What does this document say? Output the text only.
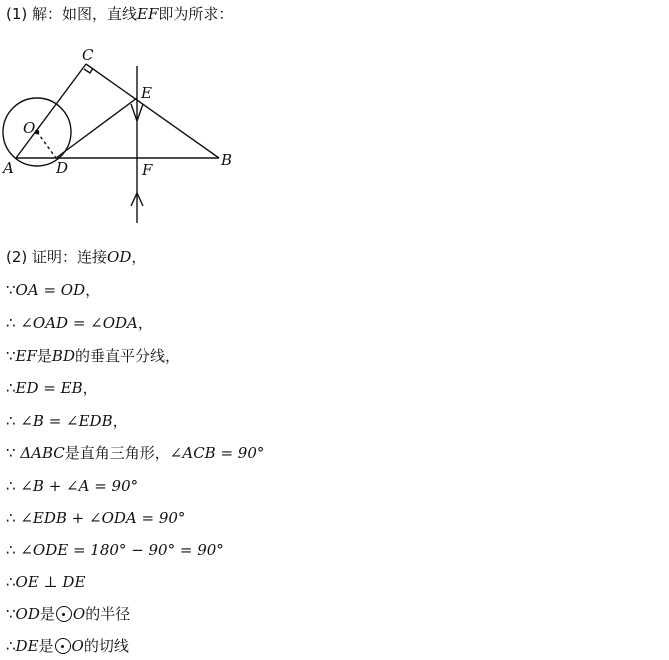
(1) 解：如图，直线EF即为所求：
C
E
O
A	D	B
F
(2) 证明：连接OD，
∵OA = OD，
∴ ∠OAD = ∠ODA，
∵EF是BD的垂直平分线，
∴ED = EB，
∴ ∠B = ∠EDB，
∵ ΔABC是直角三角形，∠ACB = 90°
∴ ∠B + ∠A = 90°
∴ ∠EDB + ∠ODA = 90°
∴ ∠ODE = 180° − 90° = 90°
∴OE ⊥ DE
∵OD是 O的半径
∴DE是 O的切线
